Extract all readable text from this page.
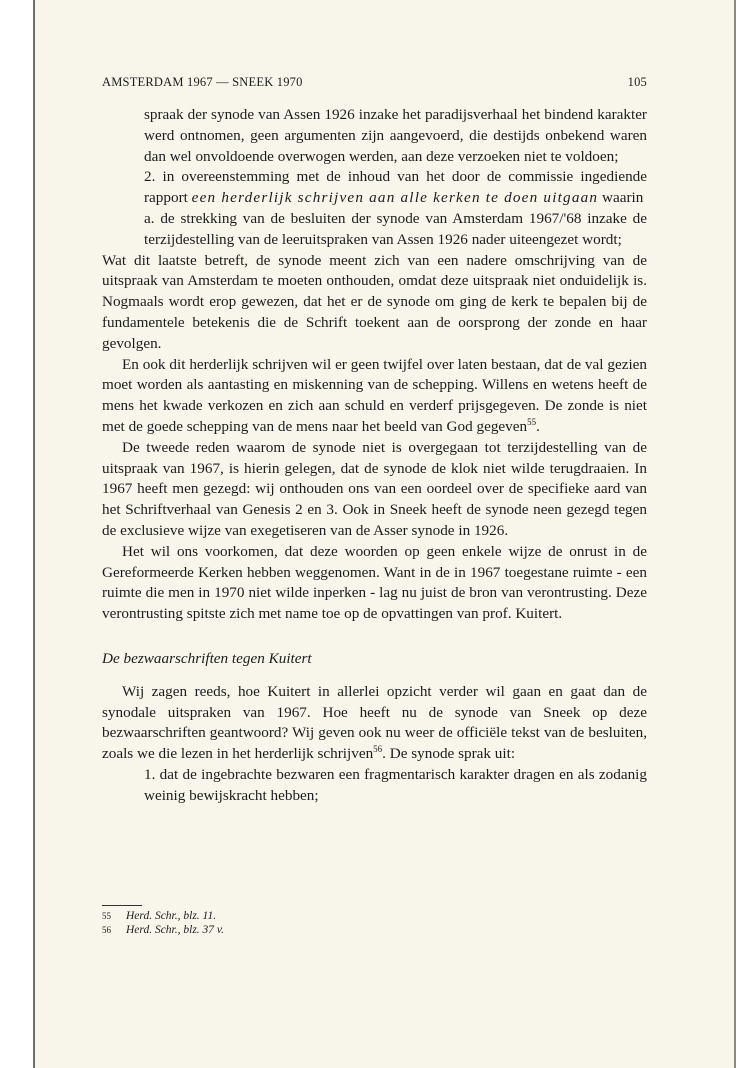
AMSTERDAM 1967 — SNEEK 1970	105

spraak der synode van Assen 1926 inzake het paradijsverhaal het bindend karakter werd ontnomen, geen argumenten zijn aangevoerd, die destijds onbekend waren dan wel onvoldoende overwogen werden, aan deze verzoeken niet te voldoen;

2. in overeenstemming met de inhoud van het door de commissie ingediende rapport een herderlijk schrijven aan alle kerken te doen uitgaan waarin

a. de strekking van de besluiten der synode van Amsterdam 1967/'68 inzake de terzijdestelling van de leeruitspraken van Assen 1926 nader uiteengezet wordt;

Wat dit laatste betreft, de synode meent zich van een nadere omschrijving van de uitspraak van Amsterdam te moeten onthouden, omdat deze uitspraak niet onduidelijk is. Nogmaals wordt erop gewezen, dat het er de synode om ging de kerk te bepalen bij de fundamentele betekenis die de Schrift toekent aan de oorsprong der zonde en haar gevolgen.

En ook dit herderlijk schrijven wil er geen twijfel over laten bestaan, dat de val gezien moet worden als aantasting en miskenning van de schepping. Willens en wetens heeft de mens het kwade verkozen en zich aan schuld en verderf prijsgegeven. De zonde is niet met de goede schepping van de mens naar het beeld van God gegeven$^{55}$.

De tweede reden waarom de synode niet is overgegaan tot terzijdestelling van de uitspraak van 1967, is hierin gelegen, dat de synode de klok niet wilde terugdraaien. In 1967 heeft men gezegd: wij onthouden ons van een oordeel over de specifieke aard van het Schriftverhaal van Genesis 2 en 3. Ook in Sneek heeft de synode neen gezegd tegen de exclusieve wijze van exegetiseren van de Asser synode in 1926.

Het wil ons voorkomen, dat deze woorden op geen enkele wijze de onrust in de Gereformeerde Kerken hebben weggenomen. Want in de in 1967 toegestane ruimte - een ruimte die men in 1970 niet wilde inperken - lag nu juist de bron van verontrusting. Deze verontrusting spitste zich met name toe op de opvattingen van prof. Kuitert.

De bezwaarschriften tegen Kuitert

Wij zagen reeds, hoe Kuitert in allerlei opzicht verder wil gaan en gaat dan de synodale uitspraken van 1967. Hoe heeft nu de synode van Sneek op deze bezwaarschriften geantwoord? Wij geven ook nu weer de officiële tekst van de besluiten, zoals we die lezen in het herderlijk schrijven$^{56}$. De synode sprak uit:

1. dat de ingebrachte bezwaren een fragmentarisch karakter dragen en als zodanig weinig bewijskracht hebben;

55 Herd. Schr., blz. 11.
56 Herd. Schr., blz. 37 v.
